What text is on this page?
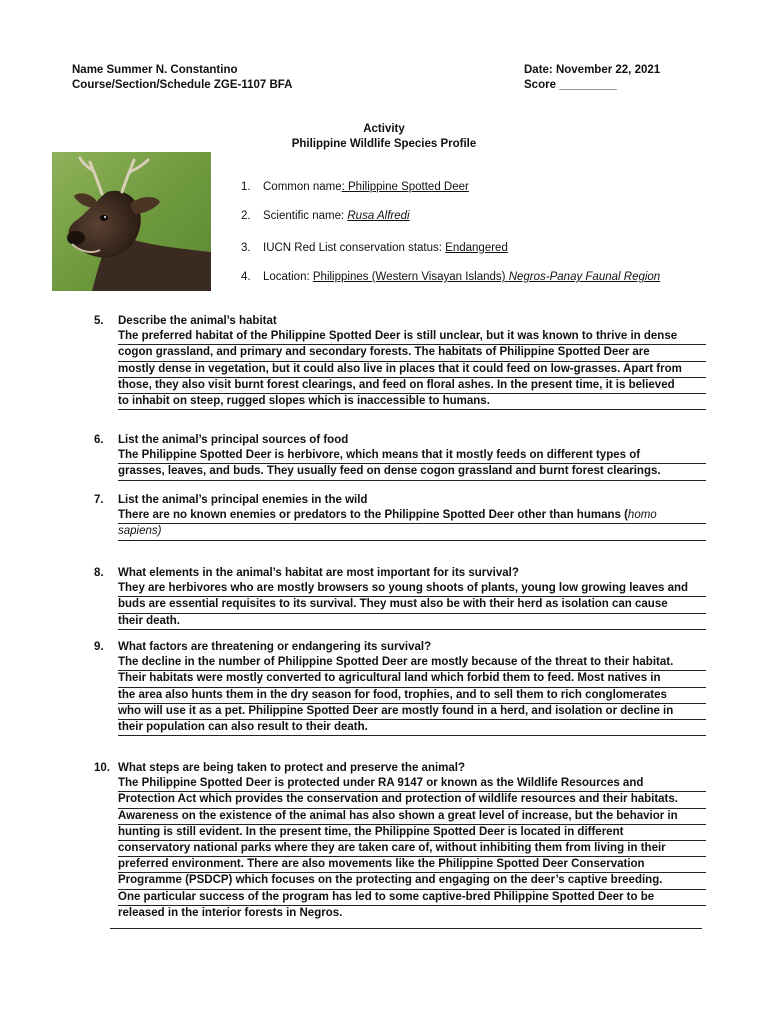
Name Summer N. Constantino
Course/Section/Schedule ZGE-1107 BFA
Date: November 22, 2021
Score _________
Activity
Philippine Wildlife Species Profile
1. Common name: Philippine Spotted Deer
2. Scientific name: Rusa Alfredi
3. IUCN Red List conservation status: Endangered
4. Location: Philippines (Western Visayan Islands) Negros-Panay Faunal Region
5. Describe the animal’s habitat
The preferred habitat of the Philippine Spotted Deer is still unclear, but it was known to thrive in dense
cogon grassland, and primary and secondary forests. The habitats of Philippine Spotted Deer are
mostly dense in vegetation, but it could also live in places that it could feed on low-grasses. Apart from
those, they also visit burnt forest clearings, and feed on floral ashes. In the present time, it is believed
to inhabit on steep, rugged slopes which is inaccessible to humans.
6. List the animal’s principal sources of food
The Philippine Spotted Deer is herbivore, which means that it mostly feeds on different types of
grasses, leaves, and buds. They usually feed on dense cogon grassland and burnt forest clearings.
7. List the animal’s principal enemies in the wild
There are no known enemies or predators to the Philippine Spotted Deer other than humans (homo
sapiens)
8. What elements in the animal’s habitat are most important for its survival?
They are herbivores who are mostly browsers so young shoots of plants, young low growing leaves and
buds are essential requisites to its survival. They must also be with their herd as isolation can cause
their death.
9. What factors are threatening or endangering its survival?
The decline in the number of Philippine Spotted Deer are mostly because of the threat to their habitat.
Their habitats were mostly converted to agricultural land which forbid them to feed. Most natives in
the area also hunts them in the dry season for food, trophies, and to sell them to rich conglomerates
who will use it as a pet. Philippine Spotted Deer are mostly found in a herd, and isolation or decline in
their population can also result to their death.
10. What steps are being taken to protect and preserve the animal?
The Philippine Spotted Deer is protected under RA 9147 or known as the Wildlife Resources and
Protection Act which provides the conservation and protection of wildlife resources and their habitats.
Awareness on the existence of the animal has also shown a great level of increase, but the behavior in
hunting is still evident. In the present time, the Philippine Spotted Deer is located in different
conservatory national parks where they are taken care of, without inhibiting them from living in their
preferred environment. There are also movements like the Philippine Spotted Deer Conservation
Programme (PSDCP) which focuses on the protecting and engaging on the deer’s captive breeding.
One particular success of the program has led to some captive-bred Philippine Spotted Deer to be
released in the interior forests in Negros.
